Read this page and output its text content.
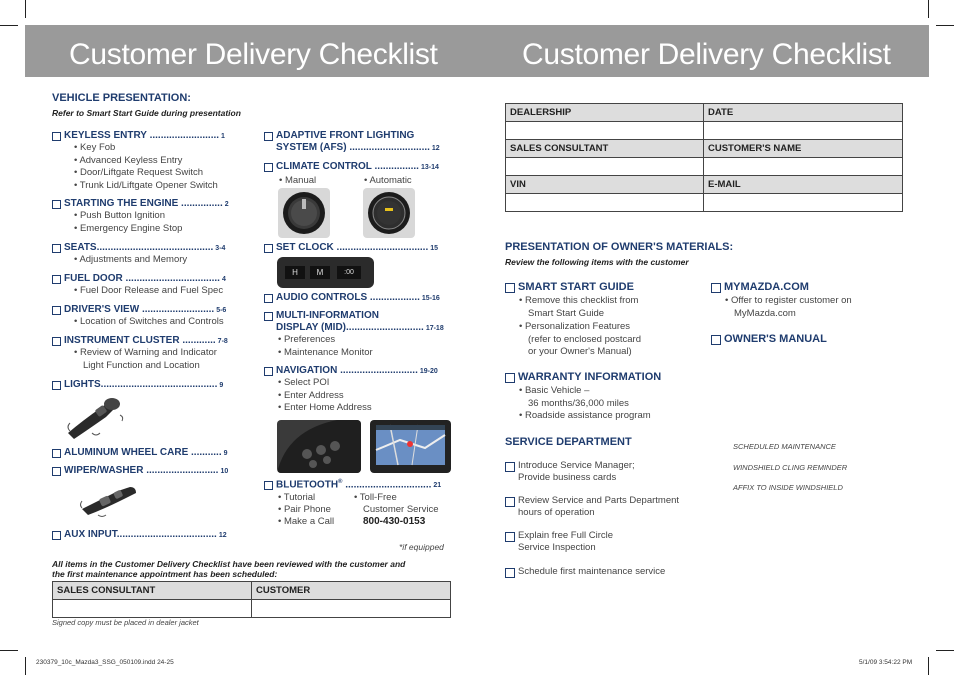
Customer Delivery Checklist	Customer Delivery Checklist
VEHICLE PRESENTATION:
Refer to Smart Start Guide during presentation
KEYLESS ENTRY ......................... 1
• Key Fob
• Advanced Keyless Entry
• Door/Liftgate Request Switch
• Trunk Lid/Liftgate Opener Switch
STARTING THE ENGINE ............... 2
• Push Button Ignition
• Emergency Engine Stop
SEATS.......................................... 3-4
• Adjustments and Memory
FUEL DOOR .................................. 4
• Fuel Door Release and Fuel Spec
DRIVER'S VIEW .......................... 5-6
• Location of Switches and Controls
INSTRUMENT CLUSTER ............ 7-8
• Review of Warning and Indicator
Light Function and Location
LIGHTS.......................................... 9
ALUMINUM WHEEL CARE ........... 9
WIPER/WASHER .......................... 10
AUX INPUT.................................... 12
ADAPTIVE FRONT LIGHTING
SYSTEM (AFS) ............................. 12
CLIMATE CONTROL ................ 13-14
• Manual	• Automatic
SET CLOCK ................................. 15
H	M	:00
AUDIO CONTROLS .................. 15-16
MULTI-INFORMATION
DISPLAY (MID)............................ 17-18
• Preferences
• Maintenance Monitor
NAVIGATION ............................ 19-20
• Select POI
• Enter Address
• Enter Home Address
BLUETOOTH® ............................... 21
• Tutorial
• Pair Phone
• Make a Call
• Toll-Free
Customer Service
800-430-0153
*if equipped
All items in the Customer Delivery Checklist have been reviewed with the customer and
the first maintenance appointment has been scheduled:
SALES CONSULTANT	CUSTOMER

Signed copy must be placed in dealer jacket
DEALERSHIP	DATE

SALES CONSULTANT	CUSTOMER'S NAME

VIN	E-MAIL

PRESENTATION OF OWNER'S MATERIALS:
Review the following items with the customer
SMART START GUIDE
• Remove this checklist from
Smart Start Guide
• Personalization Features
(refer to enclosed postcard
or your Owner's Manual)
MYMAZDA.COM
• Offer to register customer on
MyMazda.com
OWNER'S MANUAL
WARRANTY INFORMATION
• Basic Vehicle –
36 months/36,000 miles
• Roadside assistance program
SERVICE DEPARTMENT
Introduce Service Manager;
Provide business cards
Review Service and Parts Department
hours of operation
Explain free Full Circle
Service Inspection
Schedule first maintenance service
SCHEDULED MAINTENANCE
WINDSHIELD CLING REMINDER
AFFIX TO INSIDE WINDSHIELD
230379_10c_Mazda3_SSG_050109.indd 24-25	5/1/09 3:54:22 PM
